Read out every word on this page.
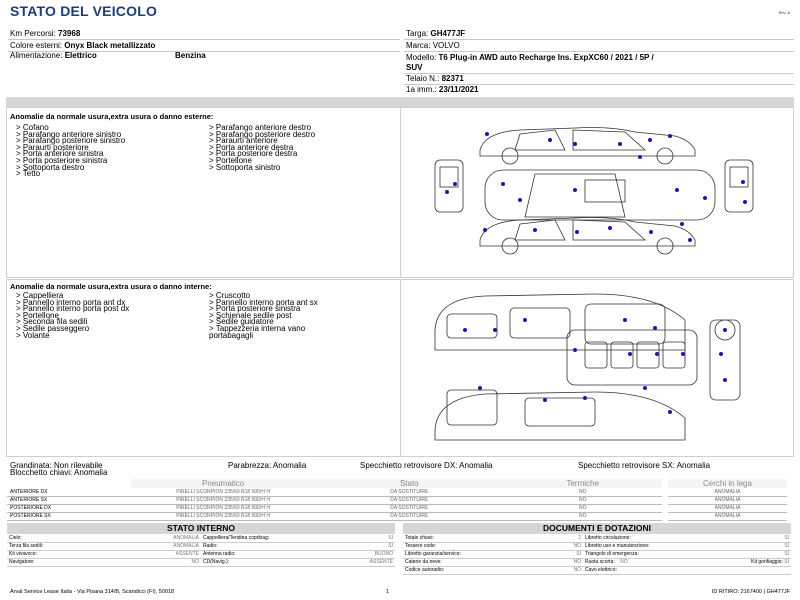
STATO DEL VEICOLO	Rev. A
Km Percorsi: 73968
Colore esterni: Onyx Black metallizzato
Alimentazione: Elettrico	Benzina
Targa: GH477JF
Marca: VOLVO
Modello: T6 Plug-in AWD auto Recharge Ins. ExpXC60 / 2021 / 5P /
SUV
Telaio N.: 82371
1a imm.: 23/11/2021
Anomalie da normale usura,extra usura o danno esterne:
> Cofano
> Parafango anteriore sinistro
> Parafango posteriore sinistro
> Paraurti posteriore
> Porta anteriore sinistra
> Porta posteriore sinistra
> Sottoporta destro
> Tetto
> Parafango anteriore destro
> Parafango posteriore destro
> Paraurti anteriore
> Porta anteriore destra
> Porta posteriore destra
> Portellone
> Sottoporta sinistro
Anomalie da normale usura,extra usura o danno interne:
> Cappelliera
> Pannello interno porta ant dx
> Pannello interno porta post dx
> Portellone
> Seconda fila sedili
> Sedile passeggero
> Volante
> Cruscotto
> Pannello interno porta ant sx
> Porta posteriore sinistra
> Schienale sedile post
> Sedile guidatore
> Tappezzeria interna vano
portabagagli
Grandinata: Non rilevabile	Parabrezza: Anomalia	Specchietto retrovisore DX: Anomalia	Specchietto retrovisore SX: Anomalia
Blocchetto chiavi: Anomalia
	Pneumatico	Stato	Termiche		Cerchi in lega
ANTERIORE DX	PIRELLI SCORPION 235/60 R18 000/H H	DA SOSTITUIRE	NO		ANOMALIA
ANTERIORE SX	PIRELLI SCORPION 235/60 R18 000/H H	DA SOSTITUIRE	NO		ANOMALIA
POSTERIORE DX	PIRELLI SCORPION 235/60 R18 000/H H	DA SOSTITUIRE	NO		ANOMALIA
POSTERIORE SX	PIRELLI SCORPION 235/60 R18 000/H H	DA SOSTITUIRE	NO		ANOMALIA
STATO INTERNO
Cielo:	ANOMALIA	Cappelliera/Tendina copribag:	SI
Terza fila sedili:	ANOMALIA	Radio:	SI
Kit vivavoce:	ASSENTE	Antenna radio:	BUONO
Navigatore:	NO	CD(Navig.):	ASSENTE
DOCUMENTI E DOTAZIONI
Totale chiavi:	2	Libretto circolazione:	SI
Tessere code:	NO	Libretto uso e manutenzione:	SI
Libretto garanzia/service:	SI	Triangolo di emergenza:	SI
Catene da neve:	NO	Ruota scorta: NO	Kit gonfiaggio: SI
Codice autoradio:	NO	Cavo elettrico:	
Arval Service Lease Italia - Via Pisana 314/B, Scandicci (FI), 50018	1	ID RITIRO: 2167400 | GH477JF
